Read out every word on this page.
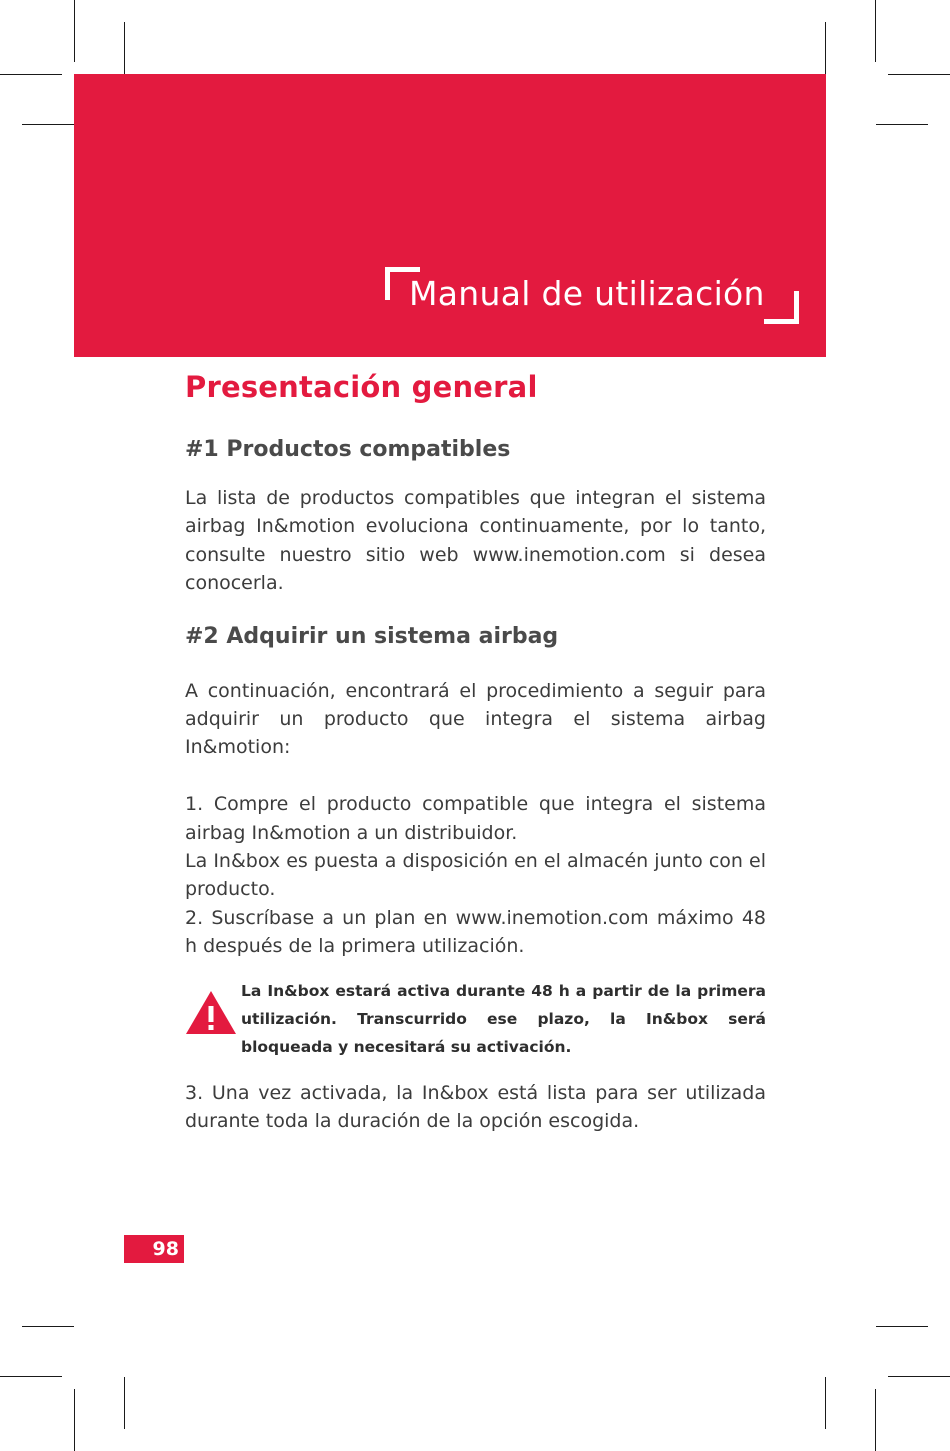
Manual de utilización
Presentación general
#1 Productos compatibles

La lista de productos compatibles que integran el sistema airbag In&motion evoluciona continuamente, por lo tanto, consulte nuestro sitio web www.inemotion.com si desea conocerla.

#2 Adquirir un sistema airbag

A continuación, encontrará el procedimiento a seguir para adquirir un producto que integra el sistema airbag In&motion:

1. Compre el producto compatible que integra el sistema airbag In&motion a un distribuidor.

La In&box es puesta a disposición en el almacén junto con el producto.

2. Suscríbase a un plan en www.inemotion.com máximo 48 h después de la primera utilización.

La In&box estará activa durante 48 h a partir de la primera utilización. Transcurrido ese plazo, la In&box será bloqueada y necesitará su activación.

3. Una vez activada, la In&box está lista para ser utilizada durante toda la duración de la opción escogida.

98
